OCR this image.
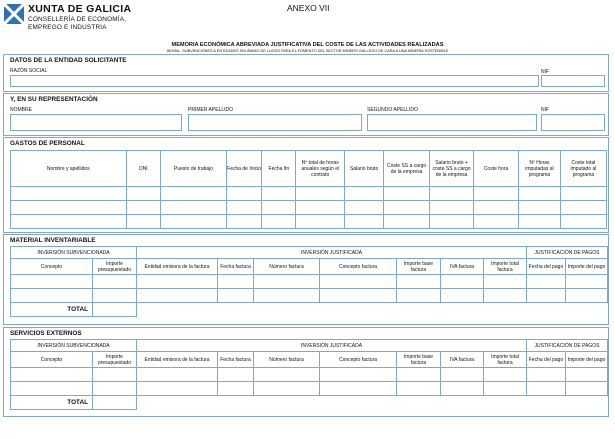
XUNTA DE GALICIA
CONSELLERÍA DE ECONOMÍA,
EMPREGO E INDUSTRIA
ANEXO VII
MEMORIA ECONÓMICA ABREVIADA JUSTIFICATIVA DEL COSTE DE LAS ACTIVIDADES REALIZADAS
IN095A - SUBVENCIONES A ENTIDADES SIN ÁNIMO DE LUCRO PARA EL FOMENTO DEL SECTOR MINERO GALLEGO DE CARA A UNA MINERÍA SOSTENIBLE
DATOS DE LA ENTIDAD SOLICITANTE
RAZÓN SOCIAL	NIF
Y, EN SU REPRESENTACIÓN
NOMBRE	PRIMER APELLIDO	SEGUNDO APELLIDO	NIF
GASTOS DE PERSONAL
Nombre y apellidos	DNI	Puesto de trabajo	Fecha de Inicio	Fecha fin	Nº total de horas anuales según el contrato	Salario bruto	Coste SS a cargo de la empresa	Salario bruto + coste SS a cargo de la empresa	Coste hora	Nº Horas imputadas al programa	Coste total imputado al programa

MATERIAL INVENTARIABLE
INVERSIÓN SUBVENCIONADA		INVERSIÓN JUSTIFICADA							JUSTIFICACIÓN DE PAGOS	
Concepto	Importe presupuestado	Entidad emisora de la factura	Fecha factura	Número factura	Concepto factura	Importe base factura	IVA factura	Importe total factura	Fecha del pago	Importe del pago

TOTAL										
SERVICIOS EXTERNOS
INVERSIÓN SUBVENCIONADA		INVERSIÓN JUSTIFICADA							JUSTIFICACIÓN DE PAGOS	
Concepto	Importe presupuestado	Entidad emisora de la factura	Fecha factura	Número factura	Concepto factura	Importe base factura	IVA factura	Importe total factura	Fecha del pago	Importe del pago

TOTAL										
